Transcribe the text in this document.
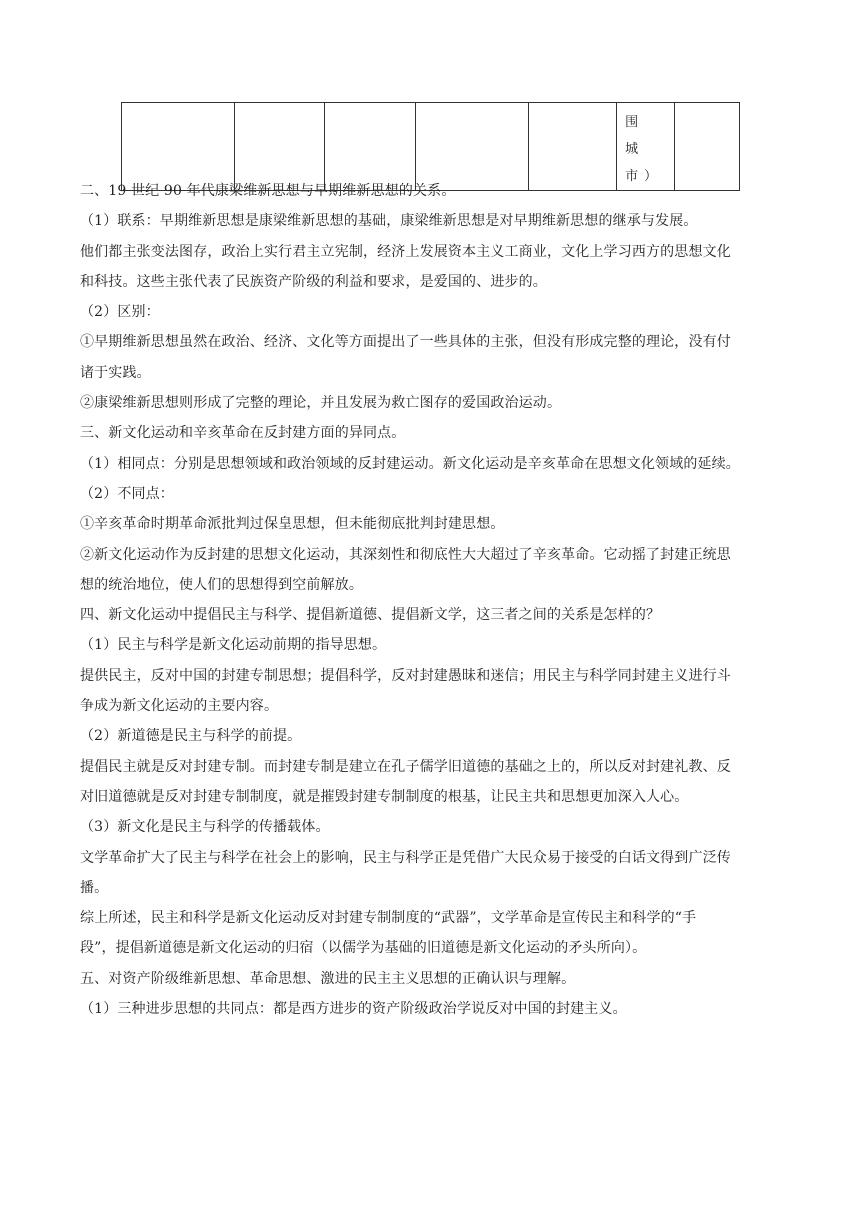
围 城 市）

二、19 世纪 90 年代康梁维新思想与早期维新思想的关系。

（1）联系：早期维新思想是康梁维新思想的基础，康梁维新思想是对早期维新思想的继承与发展。

他们都主张变法图存，政治上实行君主立宪制，经济上发展资本主义工商业，文化上学习西方的思想文化

和科技。这些主张代表了民族资产阶级的利益和要求，是爱国的、进步的。

（2）区别：

①早期维新思想虽然在政治、经济、文化等方面提出了一些具体的主张，但没有形成完整的理论，没有付

诸于实践。

②康梁维新思想则形成了完整的理论，并且发展为救亡图存的爱国政治运动。

三、新文化运动和辛亥革命在反封建方面的异同点。

（1）相同点：分别是思想领域和政治领域的反封建运动。新文化运动是辛亥革命在思想文化领域的延续。

（2）不同点：

①辛亥革命时期革命派批判过保皇思想，但未能彻底批判封建思想。

②新文化运动作为反封建的思想文化运动，其深刻性和彻底性大大超过了辛亥革命。它动摇了封建正统思

想的统治地位，使人们的思想得到空前解放。

四、新文化运动中提倡民主与科学、提倡新道德、提倡新文学，这三者之间的关系是怎样的？

（1）民主与科学是新文化运动前期的指导思想。

提供民主，反对中国的封建专制思想；提倡科学，反对封建愚昧和迷信；用民主与科学同封建主义进行斗

争成为新文化运动的主要内容。

（2）新道德是民主与科学的前提。

提倡民主就是反对封建专制。而封建专制是建立在孔子儒学旧道德的基础之上的，所以反对封建礼教、反

对旧道德就是反对封建专制制度，就是摧毁封建专制制度的根基，让民主共和思想更加深入人心。

（3）新文化是民主与科学的传播载体。

文学革命扩大了民主与科学在社会上的影响，民主与科学正是凭借广大民众易于接受的白话文得到广泛传

播。

综上所述，民主和科学是新文化运动反对封建专制制度的“武器”，文学革命是宣传民主和科学的“手

段”，提倡新道德是新文化运动的归宿（以儒学为基础的旧道德是新文化运动的矛头所向）。

五、对资产阶级维新思想、革命思想、激进的民主主义思想的正确认识与理解。

（1）三种进步思想的共同点：都是西方进步的资产阶级政治学说反对中国的封建主义。
